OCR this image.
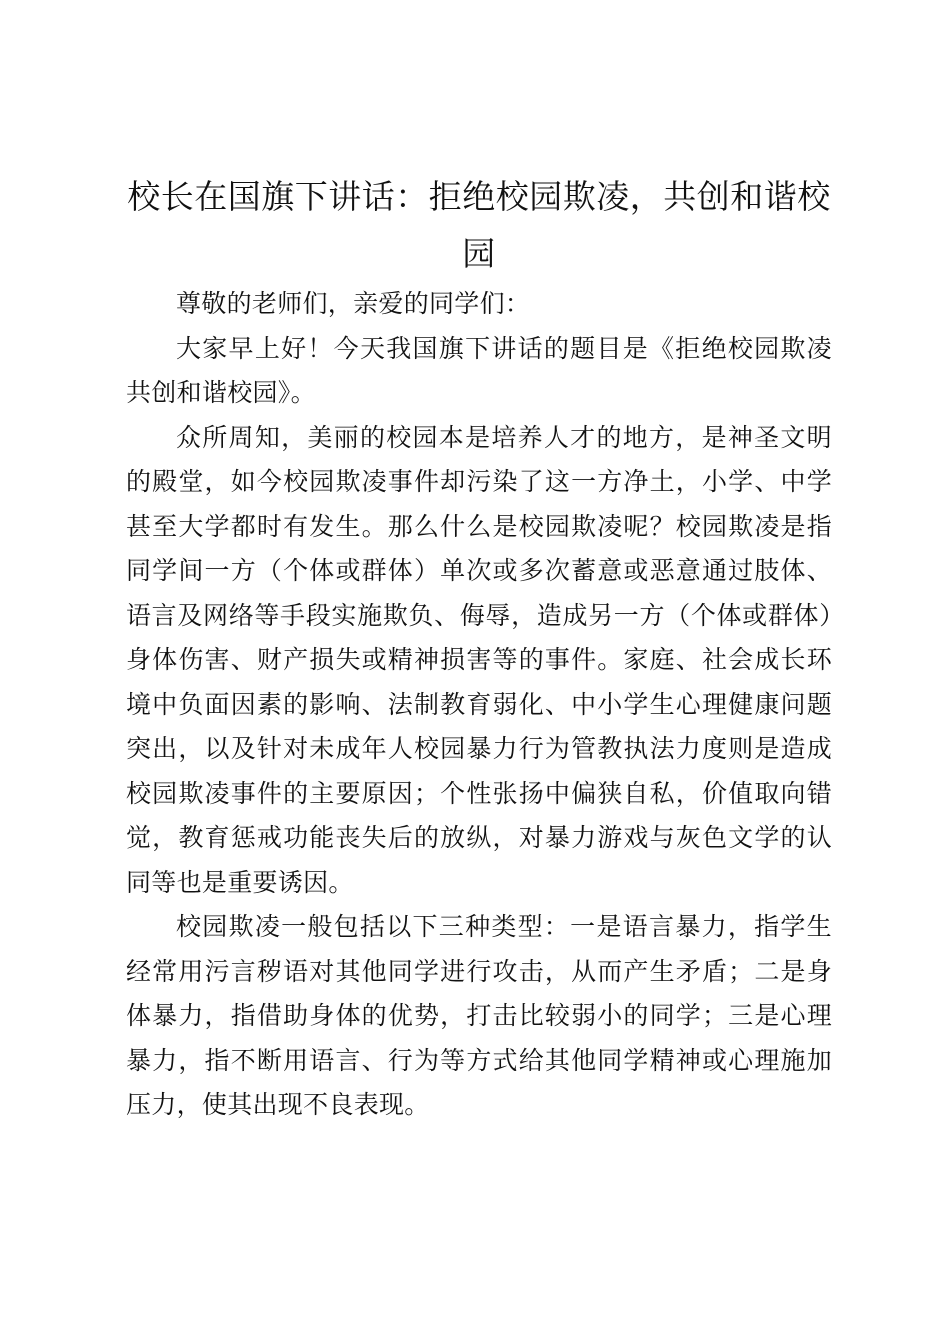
校长在国旗下讲话：拒绝校园欺凌，共创和谐校园

尊敬的老师们，亲爱的同学们：

大家早上好！今天我国旗下讲话的题目是《拒绝校园欺凌共创和谐校园》。

众所周知，美丽的校园本是培养人才的地方，是神圣文明的殿堂，如今校园欺凌事件却污染了这一方净土，小学、中学甚至大学都时有发生。那么什么是校园欺凌呢？校园欺凌是指同学间一方（个体或群体）单次或多次蓄意或恶意通过肢体、语言及网络等手段实施欺负、侮辱，造成另一方（个体或群体）身体伤害、财产损失或精神损害等的事件。家庭、社会成长环境中负面因素的影响、法制教育弱化、中小学生心理健康问题突出，以及针对未成年人校园暴力行为管教执法力度则是造成校园欺凌事件的主要原因；个性张扬中偏狭自私，价值取向错觉，教育惩戒功能丧失后的放纵，对暴力游戏与灰色文学的认同等也是重要诱因。

校园欺凌一般包括以下三种类型：一是语言暴力，指学生经常用污言秽语对其他同学进行攻击，从而产生矛盾；二是身体暴力，指借助身体的优势，打击比较弱小的同学；三是心理暴力，指不断用语言、行为等方式给其他同学精神或心理施加压力，使其出现不良表现。
